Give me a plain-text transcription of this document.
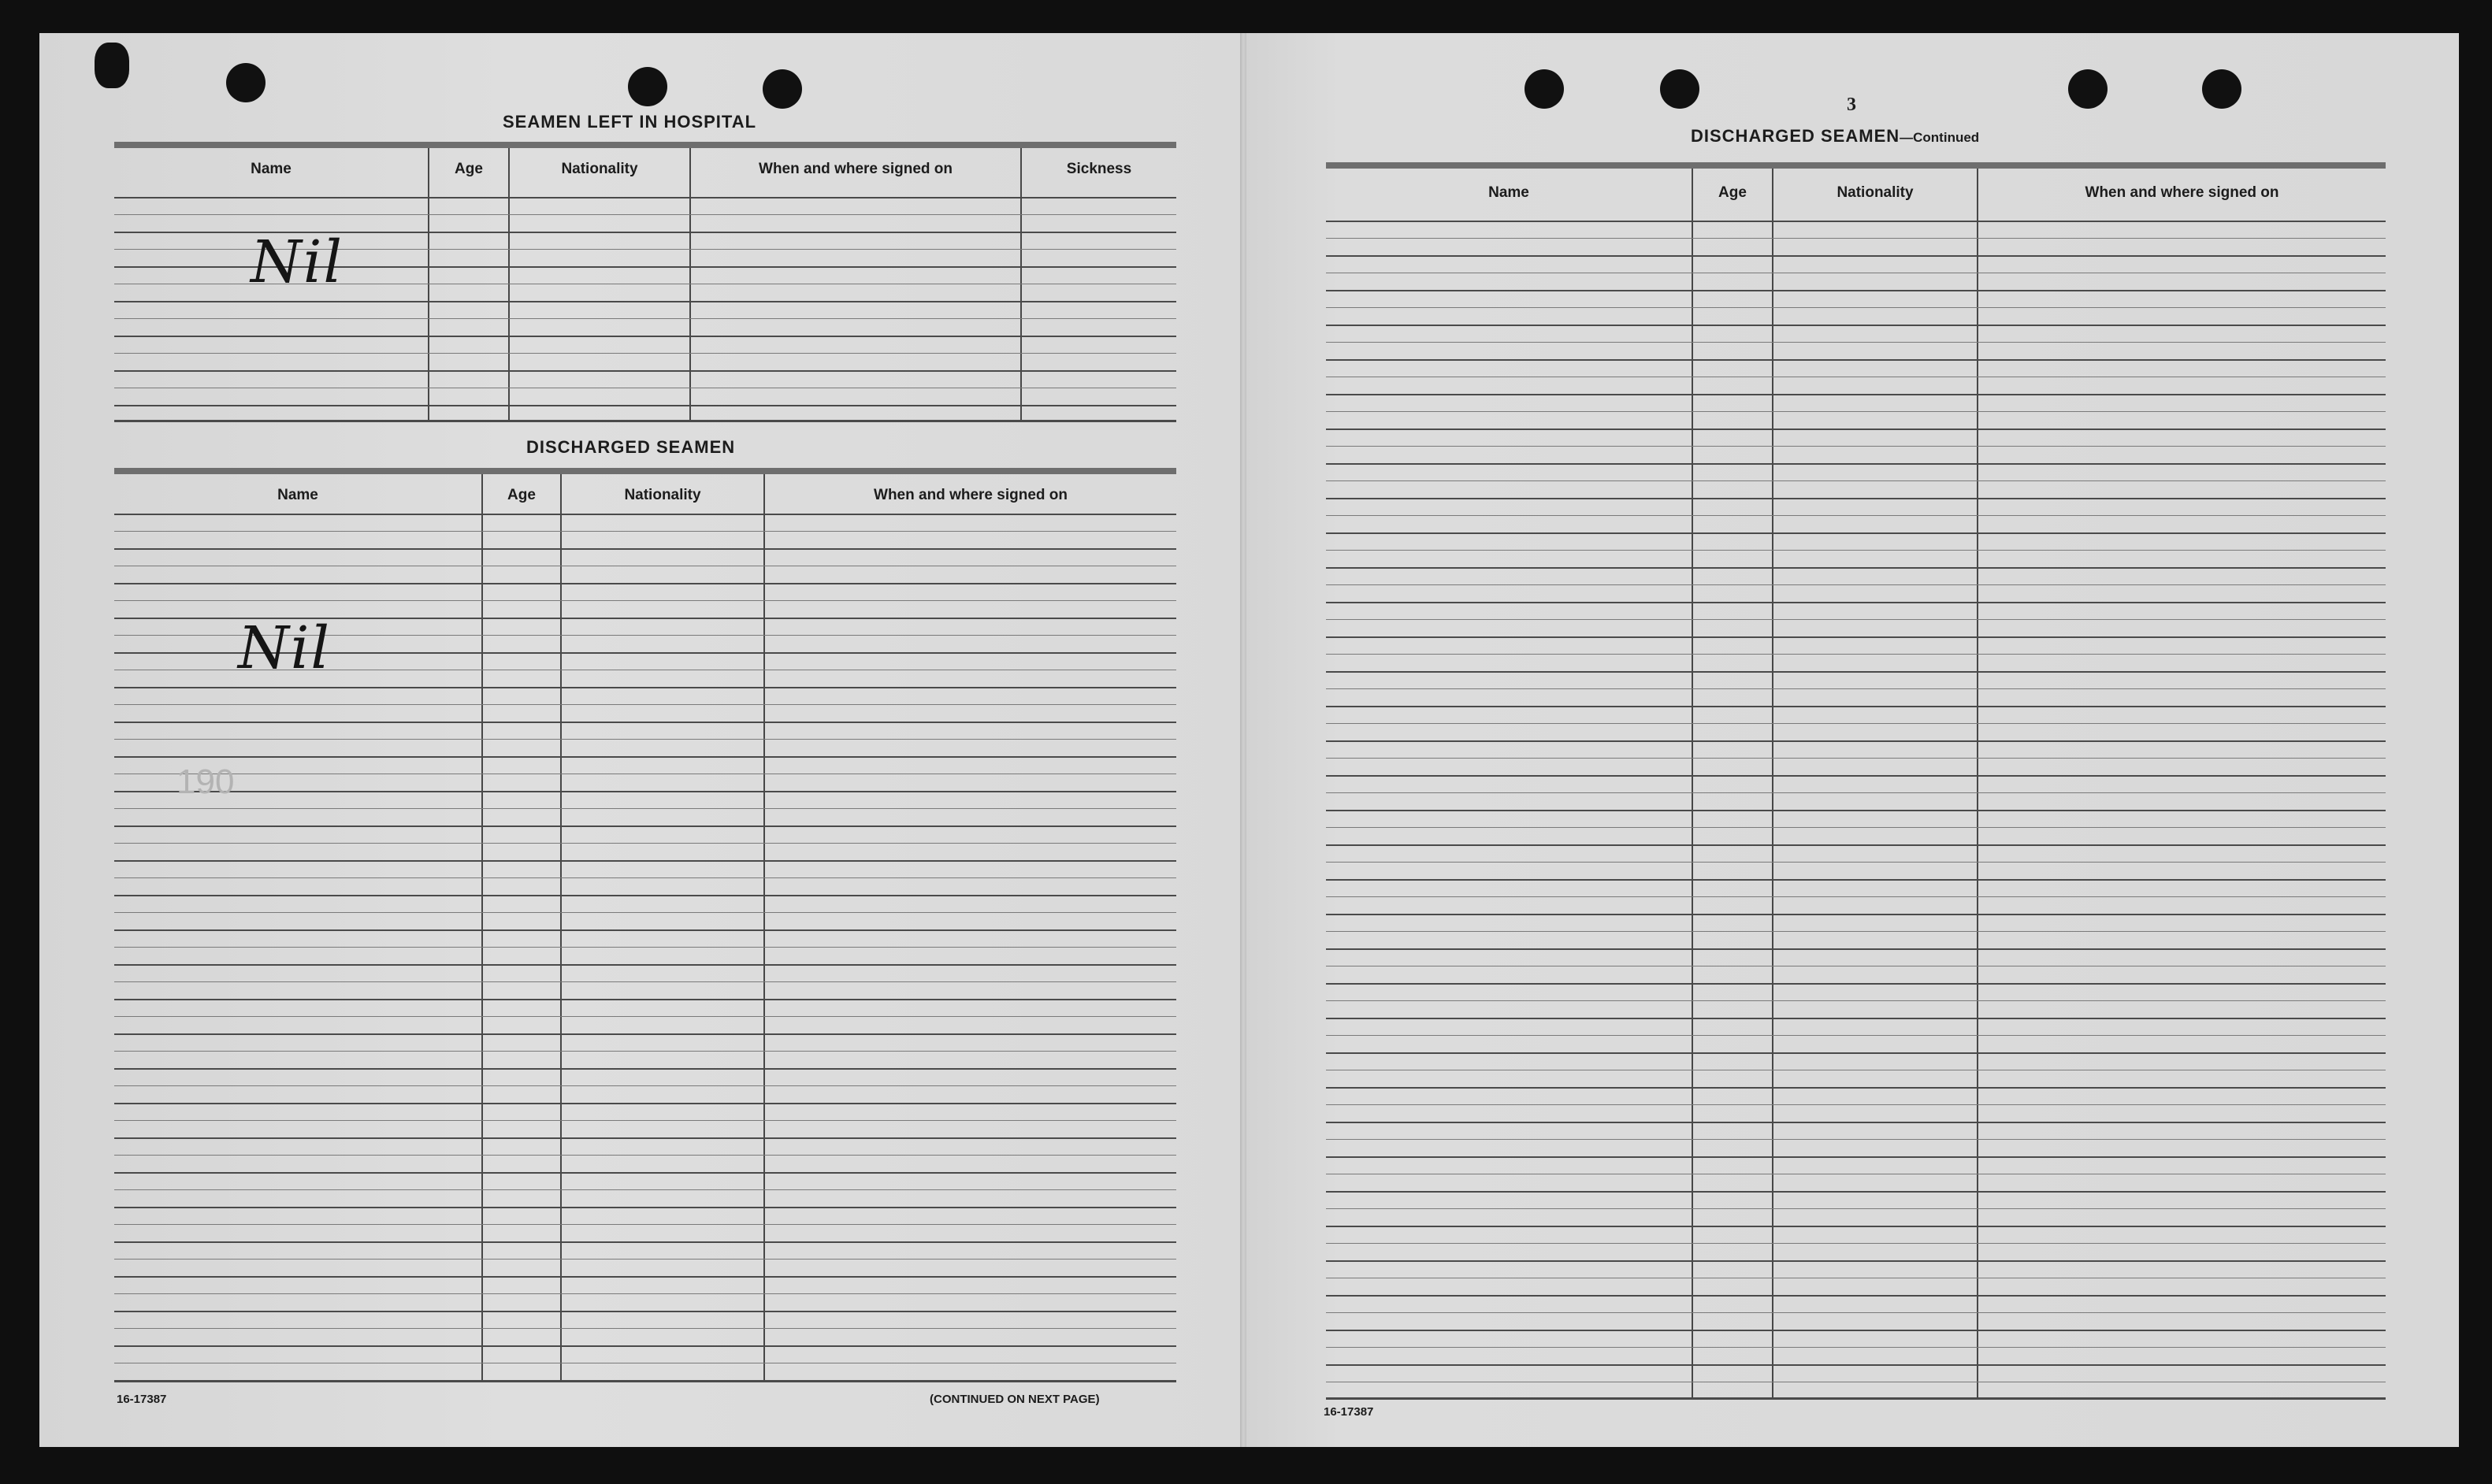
SEAMEN LEFT IN HOSPITAL
Name	Age	Nationality	When and where signed on	Sickness
Nil
DISCHARGED SEAMEN
Name	Age	Nationality	When and where signed on
Nil
190
16-17387	(CONTINUED ON NEXT PAGE)
3
DISCHARGED SEAMEN—Continued
Name	Age	Nationality	When and where signed on
16-17387
